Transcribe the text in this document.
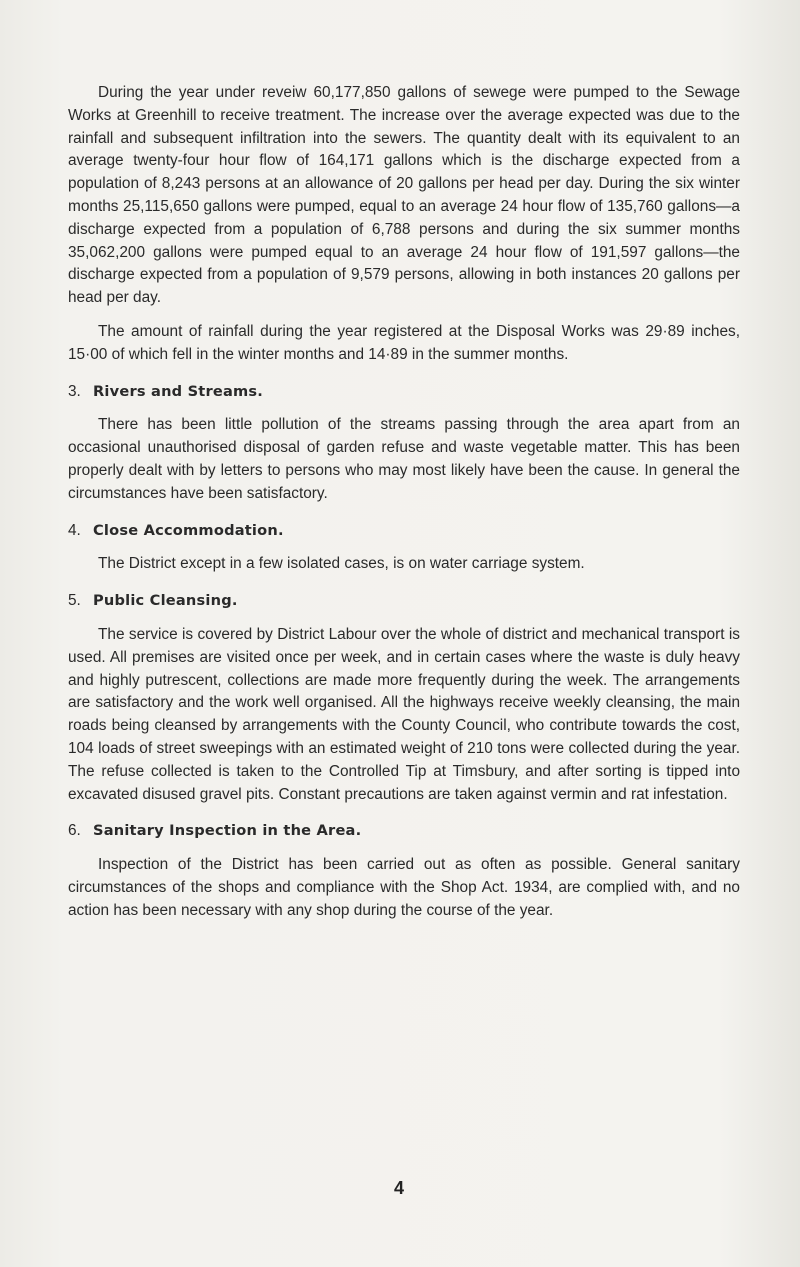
During the year under reveiw 60,177,850 gallons of sewege were pumped to the Sewage Works at Greenhill to receive treatment. The increase over the average expected was due to the rainfall and subsequent infiltration into the sewers. The quantity dealt with its equivalent to an average twenty-four hour flow of 164,171 gallons which is the discharge expected from a population of 8,243 persons at an allowance of 20 gallons per head per day. During the six winter months 25,115,650 gallons were pumped, equal to an average 24 hour flow of 135,760 gallons—a discharge expected from a population of 6,788 persons and during the six summer months 35,062,200 gallons were pumped equal to an average 24 hour flow of 191,597 gallons—the discharge expected from a population of 9,579 persons, allowing in both instances 20 gallons per head per day.

The amount of rainfall during the year registered at the Disposal Works was 29·89 inches, 15·00 of which fell in the winter months and 14·89 in the summer months.

3. Rivers and Streams.

There has been little pollution of the streams passing through the area apart from an occasional unauthorised disposal of garden refuse and waste vegetable matter. This has been properly dealt with by letters to persons who may most likely have been the cause. In general the circumstances have been satisfactory.

4. Close Accommodation.

The District except in a few isolated cases, is on water carriage system.

5. Public Cleansing.

The service is covered by District Labour over the whole of district and mechanical transport is used. All premises are visited once per week, and in certain cases where the waste is duly heavy and highly putrescent, collections are made more frequently during the week. The arrangements are satisfactory and the work well organised. All the highways receive weekly cleansing, the main roads being cleansed by arrangements with the County Council, who contribute towards the cost, 104 loads of street sweepings with an estimated weight of 210 tons were collected during the year. The refuse collected is taken to the Controlled Tip at Timsbury, and after sorting is tipped into excavated disused gravel pits. Constant precautions are taken against vermin and rat infestation.

6. Sanitary Inspection in the Area.

Inspection of the District has been carried out as often as possible. General sanitary circumstances of the shops and compliance with the Shop Act. 1934, are complied with, and no action has been necessary with any shop during the course of the year.

4
